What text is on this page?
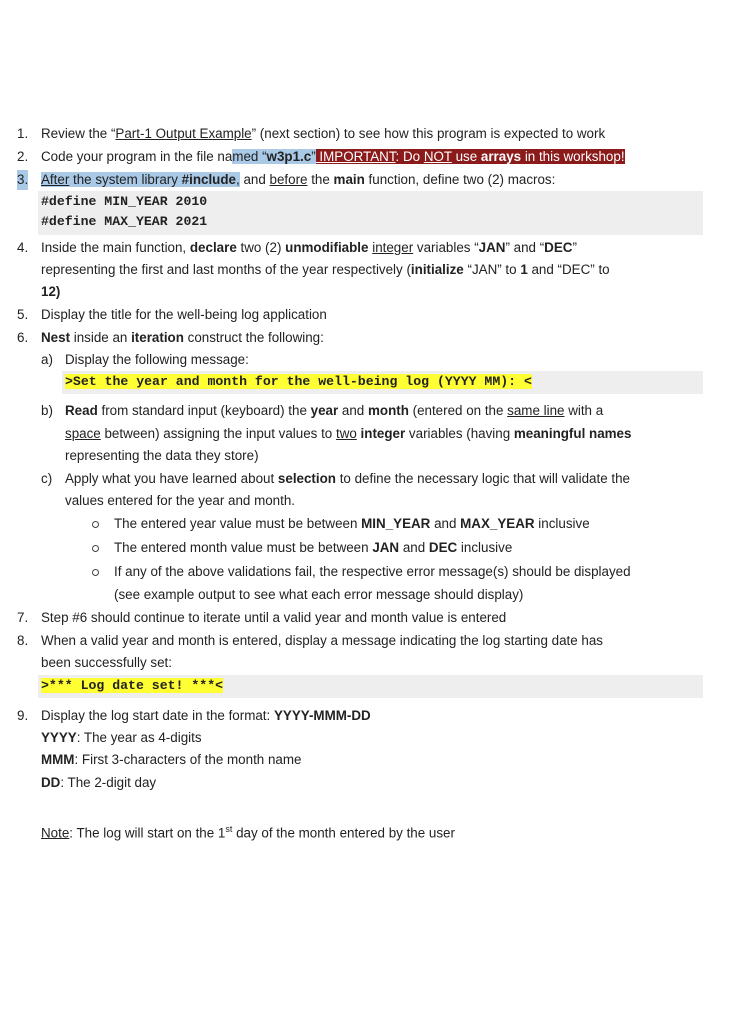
1. Review the “Part-1 Output Example” (next section) to see how this program is expected to work
2. Code your program in the file named “w3p1.c” IMPORTANT: Do NOT use arrays in this workshop!
3. After the system library #include, and before the main function, define two (2) macros:
#define MIN_YEAR 2010
#define MAX_YEAR 2021
4. Inside the main function, declare two (2) unmodifiable integer variables “JAN” and “DEC”
representing the first and last months of the year respectively (initialize “JAN” to 1 and “DEC” to
12)
5. Display the title for the well-being log application
6. Nest inside an iteration construct the following:
a) Display the following message:
>Set the year and month for the well-being log (YYYY MM): <
b) Read from standard input (keyboard) the year and month (entered on the same line with a
space between) assigning the input values to two integer variables (having meaningful names
representing the data they store)
c) Apply what you have learned about selection to define the necessary logic that will validate the
values entered for the year and month.
The entered year value must be between MIN_YEAR and MAX_YEAR inclusive
The entered month value must be between JAN and DEC inclusive
If any of the above validations fail, the respective error message(s) should be displayed
(see example output to see what each error message should display)
7. Step #6 should continue to iterate until a valid year and month value is entered
8. When a valid year and month is entered, display a message indicating the log starting date has
been successfully set:
>*** Log date set! ***<
9. Display the log start date in the format: YYYY-MMM-DD
YYYY: The year as 4-digits
MMM: First 3-characters of the month name
DD: The 2-digit day
Note: The log will start on the 1st day of the month entered by the user
